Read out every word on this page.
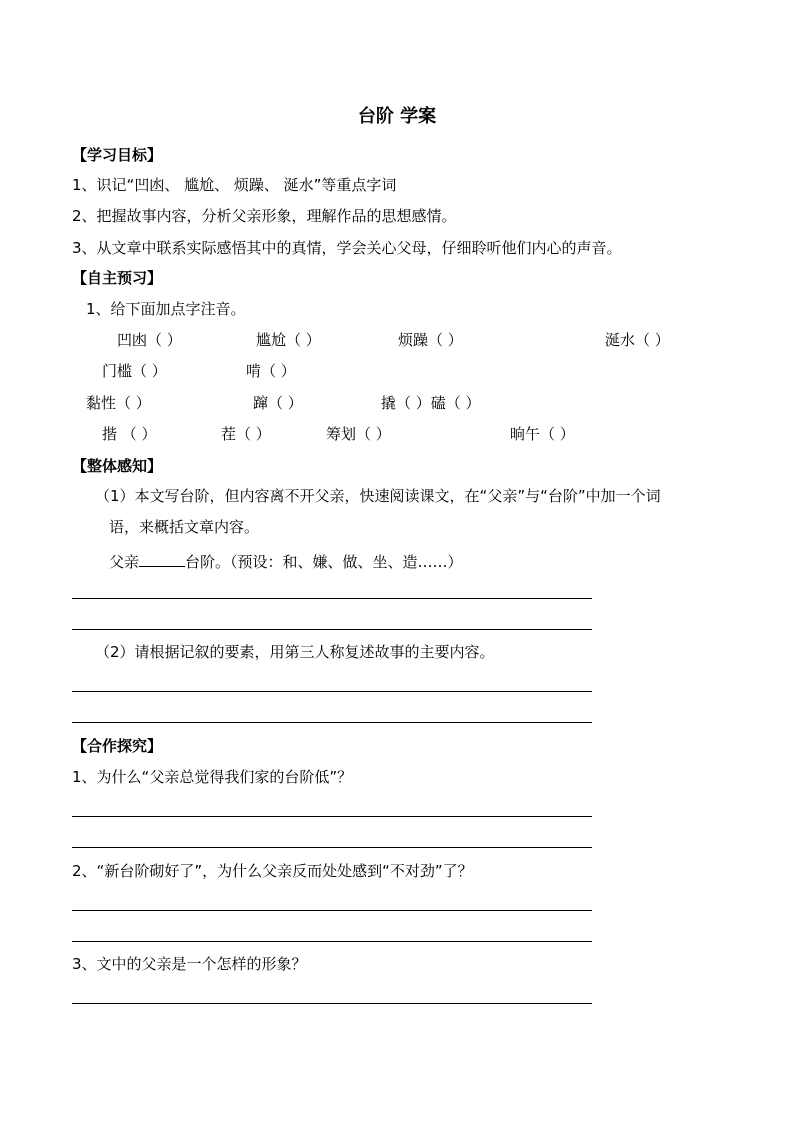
台阶 学案
【学习目标】
1、识记“凹凼、 尴尬、 烦躁、 涎水”等重点字词
2、把握故事内容，分析父亲形象，理解作品的思想感情。
3、从文章中联系实际感悟其中的真情，学会关心父母，仔细聆听他们内心的声音。
【自主预习】
1、给下面加点字注音。
凹凼（ ）	尴尬（ ）	烦躁（ ）	涎水（ ）
门槛（ ）	啃（ ）
黏性（ ）	蹿（ ）	撬（ ）磕（ ）
揩 （ ）	茬（ ）	筹划（ ）	晌午（ ）
【整体感知】
（1）本文写台阶，但内容离不开父亲，快速阅读课文，在“父亲”与“台阶”中加一个词
语，来概括文章内容。
父亲	台阶。（预设：和、嫌、做、坐、造……）
（2）请根据记叙的要素，用第三人称复述故事的主要内容。
【合作探究】
1、为什么“父亲总觉得我们家的台阶低”？
2、“新台阶砌好了”，为什么父亲反而处处感到“不对劲”了？
3、文中的父亲是一个怎样的形象？
